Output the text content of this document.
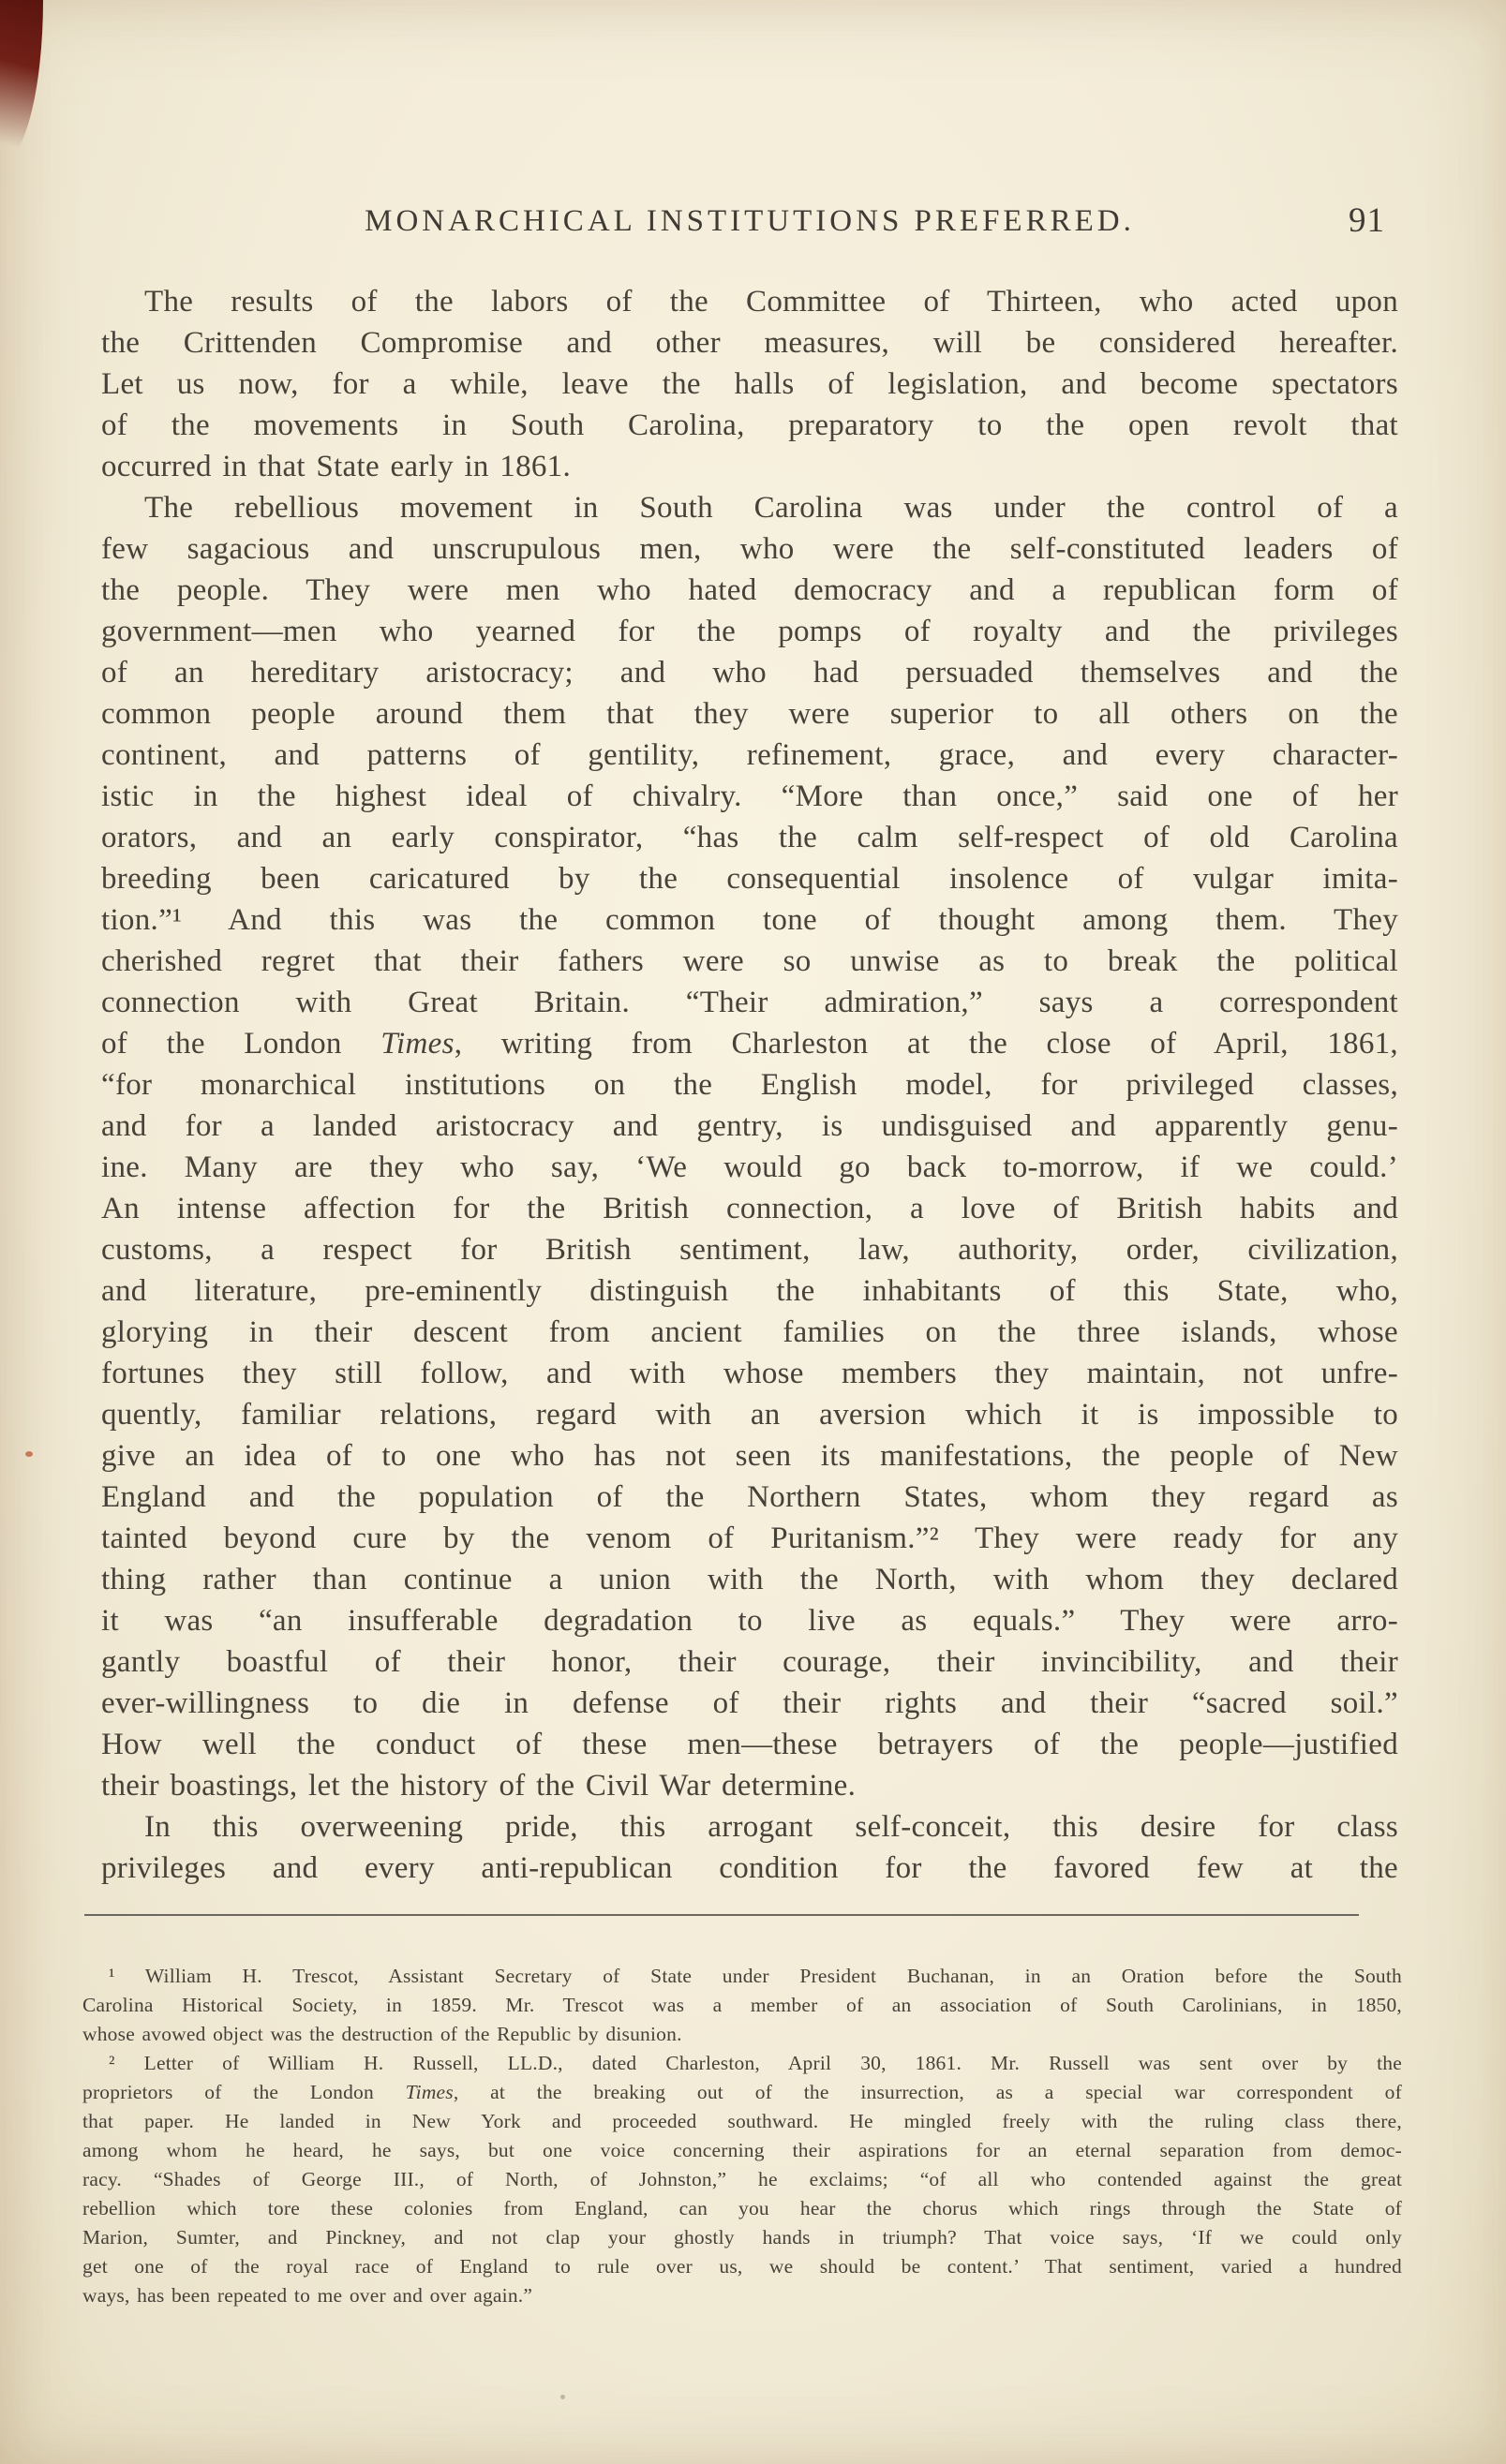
MONARCHICAL INSTITUTIONS PREFERRED.	91
The results of the labors of the Committee of Thirteen, who acted upon
the Crittenden Compromise and other measures, will be considered hereafter.
Let us now, for a while, leave the halls of legislation, and become spectators
of the movements in South Carolina, preparatory to the open revolt that
occurred in that State early in 1861.
The rebellious movement in South Carolina was under the control of a
few sagacious and unscrupulous men, who were the self-constituted leaders of
the people. They were men who hated democracy and a republican form of
government—men who yearned for the pomps of royalty and the privileges
of an hereditary aristocracy; and who had persuaded themselves and the
common people around them that they were superior to all others on the
continent, and patterns of gentility, refinement, grace, and every character-
istic in the highest ideal of chivalry. “More than once,” said one of her
orators, and an early conspirator, “has the calm self-respect of old Carolina
breeding been caricatured by the consequential insolence of vulgar imita-
tion.”¹ And this was the common tone of thought among them. They
cherished regret that their fathers were so unwise as to break the political
connection with Great Britain. “Their admiration,” says a correspondent
of the London Times, writing from Charleston at the close of April, 1861,
“for monarchical institutions on the English model, for privileged classes,
and for a landed aristocracy and gentry, is undisguised and apparently genu-
ine. Many are they who say, ‘We would go back to-morrow, if we could.’
An intense affection for the British connection, a love of British habits and
customs, a respect for British sentiment, law, authority, order, civilization,
and literature, pre-eminently distinguish the inhabitants of this State, who,
glorying in their descent from ancient families on the three islands, whose
fortunes they still follow, and with whose members they maintain, not unfre-
quently, familiar relations, regard with an aversion which it is impossible to
give an idea of to one who has not seen its manifestations, the people of New
England and the population of the Northern States, whom they regard as
tainted beyond cure by the venom of Puritanism.”² They were ready for any
thing rather than continue a union with the North, with whom they declared
it was “an insufferable degradation to live as equals.” They were arro-
gantly boastful of their honor, their courage, their invincibility, and their
ever-willingness to die in defense of their rights and their “sacred soil.”
How well the conduct of these men—these betrayers of the people—justified
their boastings, let the history of the Civil War determine.
In this overweening pride, this arrogant self-conceit, this desire for class
privileges and every anti-republican condition for the favored few at the
¹ William H. Trescot, Assistant Secretary of State under President Buchanan, in an Oration before the South
Carolina Historical Society, in 1859. Mr. Trescot was a member of an association of South Carolinians, in 1850,
whose avowed object was the destruction of the Republic by disunion.
² Letter of William H. Russell, LL.D., dated Charleston, April 30, 1861. Mr. Russell was sent over by the
proprietors of the London Times, at the breaking out of the insurrection, as a special war correspondent of
that paper. He landed in New York and proceeded southward. He mingled freely with the ruling class there,
among whom he heard, he says, but one voice concerning their aspirations for an eternal separation from democ-
racy. “Shades of George III., of North, of Johnston,” he exclaims; “of all who contended against the great
rebellion which tore these colonies from England, can you hear the chorus which rings through the State of
Marion, Sumter, and Pinckney, and not clap your ghostly hands in triumph? That voice says, ‘If we could only
get one of the royal race of England to rule over us, we should be content.’ That sentiment, varied a hundred
ways, has been repeated to me over and over again.”
